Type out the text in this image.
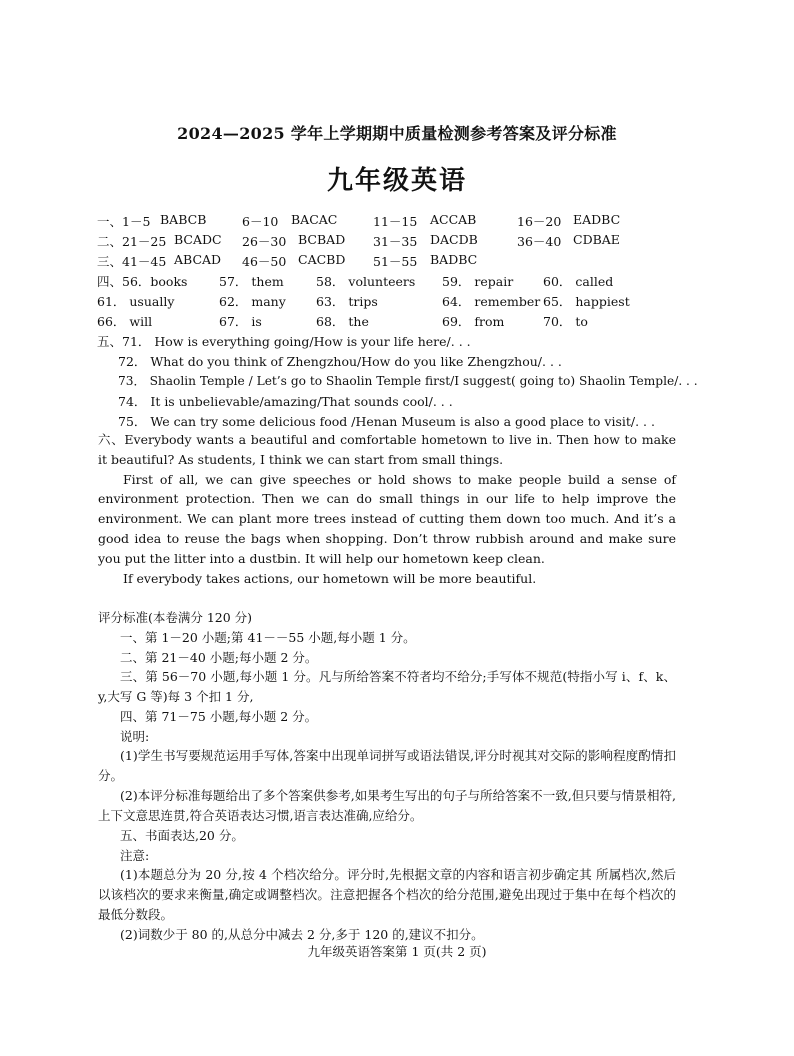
2024—2025 学年上学期期中质量检测参考答案及评分标准
九年级英语
一、1－5 BABCB	6－10 BACAC	11－15 ACCAB	16－20 EADBC
二、21－25 BCADC 26－30 BCBAD 31－35 DACDB	36－40 CDBAE
三、41－45 ABCAD 46－50 CACBD 51－55 BADBC
四、56．books	57． them	58． volunteers 59． repair 60． called
61． usually	62． many 63． trips	64． remember 65． happiest
66． will	67． is	68． the	69． from	70． to
五、71． How is everything going/How is your life here/. . .
72． What do you think of Zhengzhou/How do you like Zhengzhou/. . .
73． Shaolin Temple / Let’s go to Shaolin Temple first/I suggest( going to) Shaolin Temple/. . .
74． It is unbelievable/amazing/That sounds cool/. . .
75． We can try some delicious food /Henan Museum is also a good place to visit/. . .

六、Everybody wants a beautiful and comfortable hometown to live in. Then how to make it beautiful? As students, I think we can start from small things.

First of all, we can give speeches or hold shows to make people build a sense of environment protection. Then we can do small things in our life to help improve the environment. We can plant more trees instead of cutting them down too much. And it’s a good idea to reuse the bags when shopping. Don’t throw rubbish around and make sure you put the litter into a dustbin. It will help our hometown keep clean.

If everybody takes actions, our hometown will be more beautiful.

评分标准(本卷满分 120 分)
一、第 1－20 小题;第 41－－55 小题,每小题 1 分。
二、第 21－40 小题;每小题 2 分。
三、第 56－70 小题,每小题 1 分。凡与所给答案不符者均不给分;手写体不规范(特指小写 i、f、k、y,大写 G 等)每 3 个扣 1 分,
四、第 71－75 小题,每小题 2 分。
说明:
(1)学生书写要规范运用手写体,答案中出现单词拼写或语法错误,评分时视其对交际的影响程度酌情扣分。
(2)本评分标准每题给出了多个答案供参考,如果考生写出的句子与所给答案不一致,但只要与情景相符,上下文意思连贯,符合英语表达习惯,语言表达准确,应给分。
五、书面表达,20 分。
注意:
(1)本题总分为 20 分,按 4 个档次给分。评分时,先根据文章的内容和语言初步确定其 所属档次,然后以该档次的要求来衡量,确定或调整档次。注意把握各个档次的给分范围,避免出现过于集中在每个档次的最低分数段。
(2)词数少于 80 的,从总分中减去 2 分,多于 120 的,建议不扣分。
九年级英语答案第 1 页(共 2 页)
